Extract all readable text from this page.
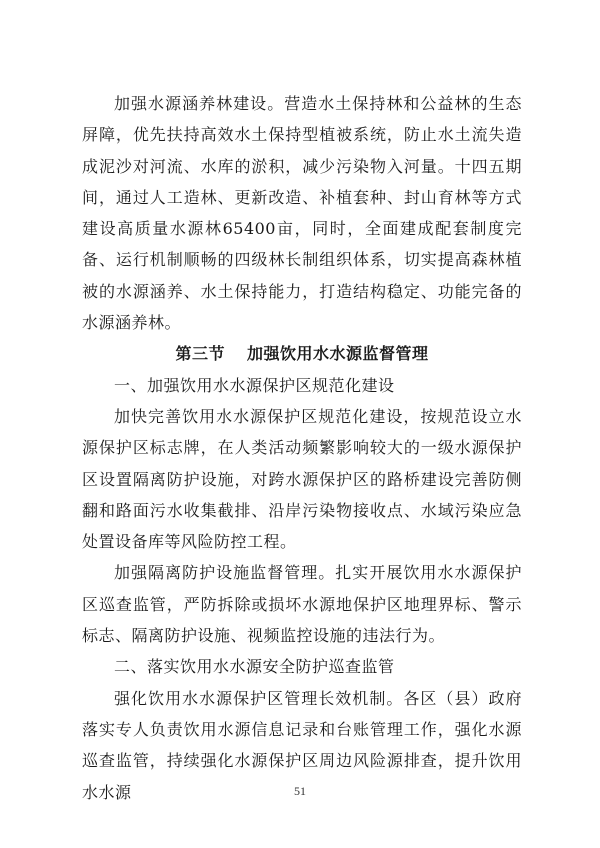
加强水源涵养林建设。营造水土保持林和公益林的生态屏障，优先扶持高效水土保持型植被系统，防止水土流失造成泥沙对河流、水库的淤积，减少污染物入河量。十四五期间，通过人工造林、更新改造、补植套种、封山育林等方式建设高质量水源林65400亩，同时，全面建成配套制度完备、运行机制顺畅的四级林长制组织体系，切实提高森林植被的水源涵养、水土保持能力，打造结构稳定、功能完备的水源涵养林。

第三节 加强饮用水水源监督管理

一、加强饮用水水源保护区规范化建设

加快完善饮用水水源保护区规范化建设，按规范设立水源保护区标志牌，在人类活动频繁影响较大的一级水源保护区设置隔离防护设施，对跨水源保护区的路桥建设完善防侧翻和路面污水收集截排、沿岸污染物接收点、水域污染应急处置设备库等风险防控工程。

加强隔离防护设施监督管理。扎实开展饮用水水源保护区巡查监管，严防拆除或损坏水源地保护区地理界标、警示标志、隔离防护设施、视频监控设施的违法行为。

二、落实饮用水水源安全防护巡查监管

强化饮用水水源保护区管理长效机制。各区（县）政府落实专人负责饮用水源信息记录和台账管理工作，强化水源巡查监管，持续强化水源保护区周边风险源排查，提升饮用水水源	51
